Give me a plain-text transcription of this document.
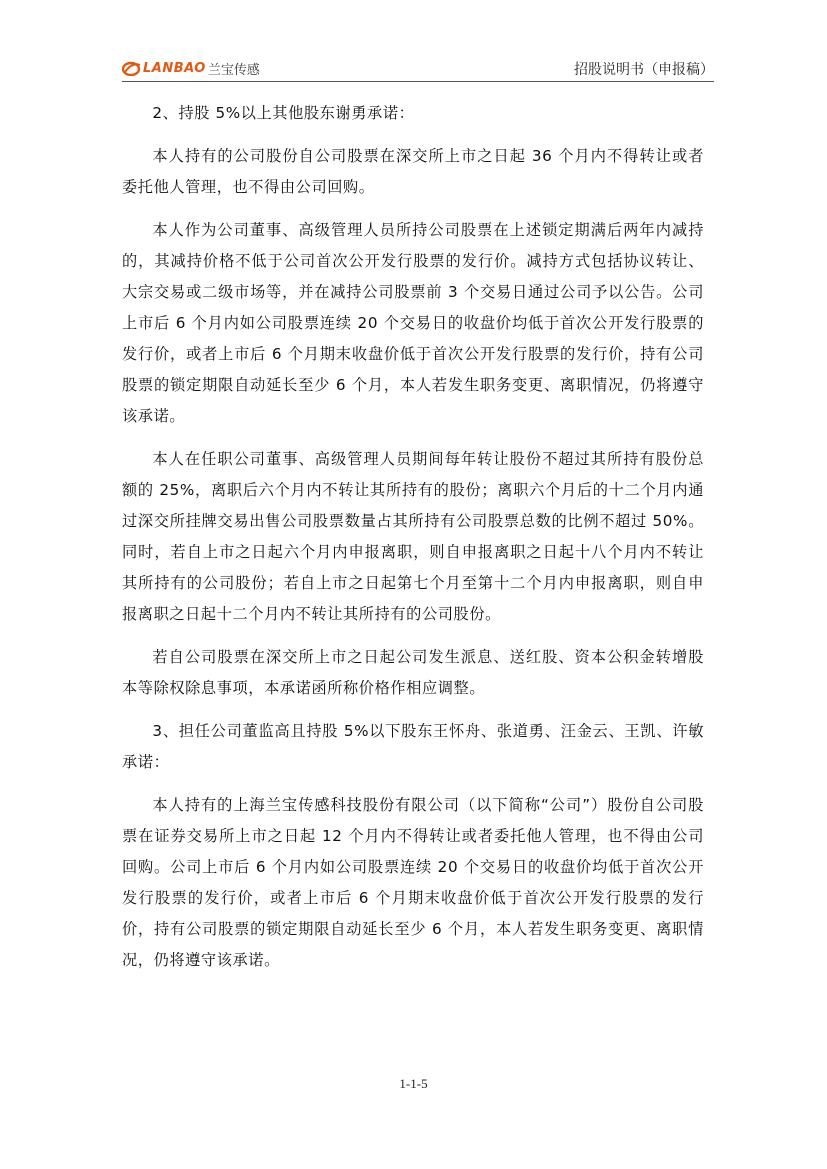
LANBAO 兰宝传感	招股说明书（申报稿）

2、持股 5%以上其他股东谢勇承诺：

本人持有的公司股份自公司股票在深交所上市之日起 36 个月内不得转让或者委托他人管理，也不得由公司回购。

本人作为公司董事、高级管理人员所持公司股票在上述锁定期满后两年内减持的，其减持价格不低于公司首次公开发行股票的发行价。减持方式包括协议转让、大宗交易或二级市场等，并在减持公司股票前 3 个交易日通过公司予以公告。公司上市后 6 个月内如公司股票连续 20 个交易日的收盘价均低于首次公开发行股票的发行价，或者上市后 6 个月期末收盘价低于首次公开发行股票的发行价，持有公司股票的锁定期限自动延长至少 6 个月，本人若发生职务变更、离职情况，仍将遵守该承诺。

本人在任职公司董事、高级管理人员期间每年转让股份不超过其所持有股份总额的 25%，离职后六个月内不转让其所持有的股份；离职六个月后的十二个月内通过深交所挂牌交易出售公司股票数量占其所持有公司股票总数的比例不超过 50%。同时，若自上市之日起六个月内申报离职，则自申报离职之日起十八个月内不转让其所持有的公司股份；若自上市之日起第七个月至第十二个月内申报离职，则自申报离职之日起十二个月内不转让其所持有的公司股份。

若自公司股票在深交所上市之日起公司发生派息、送红股、资本公积金转增股本等除权除息事项，本承诺函所称价格作相应调整。

3、担任公司董监高且持股 5%以下股东王怀舟、张道勇、汪金云、王凯、许敏承诺：

本人持有的上海兰宝传感科技股份有限公司（以下简称“公司”）股份自公司股票在证券交易所上市之日起 12 个月内不得转让或者委托他人管理，也不得由公司回购。公司上市后 6 个月内如公司股票连续 20 个交易日的收盘价均低于首次公开发行股票的发行价，或者上市后 6 个月期末收盘价低于首次公开发行股票的发行价，持有公司股票的锁定期限自动延长至少 6 个月，本人若发生职务变更、离职情况，仍将遵守该承诺。

1-1-5
